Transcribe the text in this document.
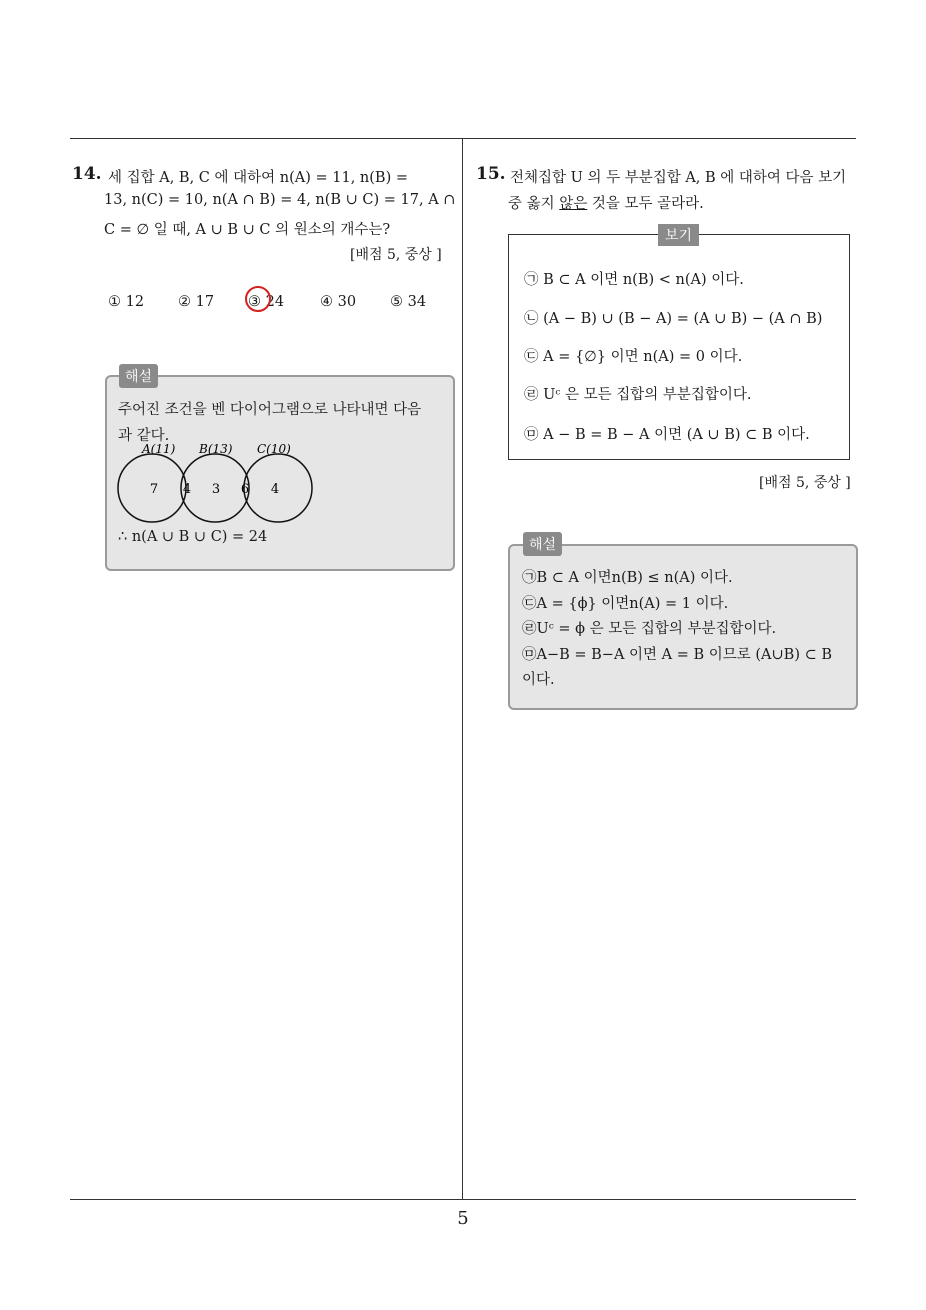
14. 세 집합 A, B, C 에 대하여 n(A) = 11, n(B) =
13, n(C) = 10, n(A ∩ B) = 4, n(B ∪ C) = 17, A ∩
C = ∅ 일 때, A ∪ B ∪ C 의 원소의 개수는?
[배점 5, 중상 ]
① 12 ② 17 ③ 24 ④ 30 ⑤ 34
해설
주어진 조건을 벤 다이어그램으로 나타내면 다음
과 같다.
A(11) B(13) C(10)
7 4 3 6 4
∴ n(A ∪ B ∪ C) = 24
15. 전체집합 U 의 두 부분집합 A, B 에 대하여 다음 보기
중 옳지 않은 것을 모두 골라라.
보기
㉠ B ⊂ A 이면 n(B) < n(A) 이다.
㉡ (A − B) ∪ (B − A) = (A ∪ B) − (A ∩ B)
㉢ A = {∅} 이면 n(A) = 0 이다.
㉣ Uᶜ 은 모든 집합의 부분집합이다.
㉤ A − B = B − A 이면 (A ∪ B) ⊂ B 이다.
[배점 5, 중상 ]
해설
㉠B ⊂ A 이면n(B) ≤ n(A) 이다.
㉢A = {ϕ} 이면n(A) = 1 이다.
㉣Uᶜ = ϕ 은 모든 집합의 부분집합이다.
㉤A−B = B−A 이면 A = B 이므로 (A∪B) ⊂ B
이다.
5
